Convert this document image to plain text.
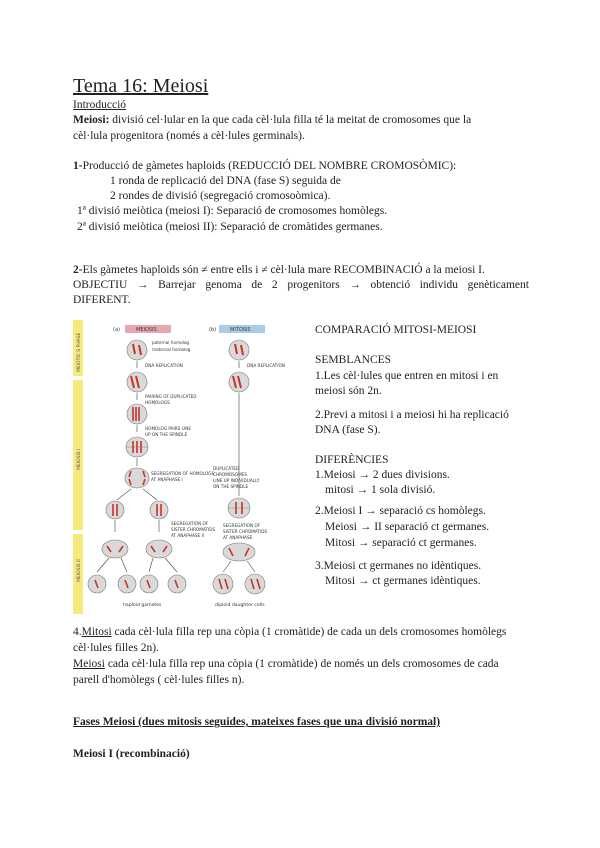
Tema 16: Meiosi
Introducció
Meiosi: divisió cel·lular en la que cada cèl·lula filla té la meitat de cromosomes que la
cèl·lula progenitora (només a cèl·lules germinals).
1-Producció de gàmetes haploids (REDUCCIÓ DEL NOMBRE CROMOSÒMIC):
1 ronda de replicació del DNA (fase S) seguida de
2 rondes de divisió (segregació cromosoòmica).
1ª divisió meiòtica (meiosi I): Separació de cromosomes homòlegs.
2ª divisió meiòtica (meiosi II): Separació de cromàtides germanes.
2-Els gàmetes haploids són ≠ entre ells i ≠ cèl·lula mare RECOMBINACIÓ a la meiosi I.
OBJECTIU → Barrejar genoma de 2 progenitors → obtenció individu genèticament
DIFERENT.
MEIOTIC S PHASE
MEIOSIS I
MEIOSIS II
(a)	MEIOSIS	(b)	MITOSIS
paternal homolog
maternal homolog
DNA REPLICATION
PAIRING OF DUPLICATED
HOMOLOGS
HOMOLOG PAIRS LINE
UP ON THE SPINDLE
SEGREGATION OF HOMOLOGS
AT ANAPHASE I
SEGREGATION OF
SISTER CHROMATIDS
AT ANAPHASE II
haploid gametes
DNA REPLICATION
DUPLICATED
CHROMOSOMES
LINE UP INDIVIDUALLY
ON THE SPINDLE
SEGREGATION OF
SISTER CHROMATIDS
AT ANAPHASE
diploid daughter cells
COMPARACIÓ MITOSI-MEIOSI
SEMBLANCES
1.Les cèl·lules que entren en mitosi i en
meiosi són 2n.
2.Previ a mitosi i a meiosi hi ha replicació
DNA (fase S).
DIFERÈNCIES
1.Meiosi → 2 dues divisions.
mitosi → 1 sola divisió.
2.Meiosi I → separació cs homòlegs.
Meiosi → II separació ct germanes.
Mitosi → separació ct germanes.
3.Meiosi ct germanes no idèntiques.
Mitosi → ct germanes idèntiques.
4.Mitosi cada cèl·lula filla rep una còpia (1 cromàtide) de cada un dels cromosomes homòlegs
cèl·lules filles 2n).
Meiosi cada cèl·lula filla rep una còpia (1 cromàtide) de només un dels cromosomes de cada
parell d'homòlegs ( cèl·lules filles n).
Fases Meiosi (dues mitosis seguides, mateixes fases que una divisió normal)
Meiosi I (recombinació)
